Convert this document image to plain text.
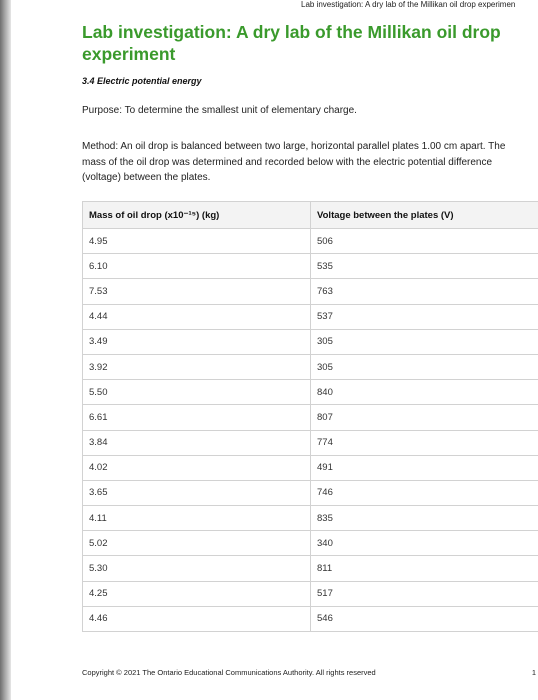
Lab investigation: A dry lab of the Millikan oil drop experimen
Lab investigation: A dry lab of the Millikan oil drop experiment
3.4 Electric potential energy
Purpose: To determine the smallest unit of elementary charge.
Method: An oil drop is balanced between two large, horizontal parallel plates 1.00 cm apart. The mass of the oil drop was determined and recorded below with the electric potential difference (voltage) between the plates.
Mass of oil drop (x10⁻¹⁵) (kg)	Voltage between the plates (V)
4.95	506
6.10	535
7.53	763
4.44	537
3.49	305
3.92	305
5.50	840
6.61	807
3.84	774
4.02	491
3.65	746
4.11	835
5.02	340
5.30	811
4.25	517
4.46	546
Copyright © 2021 The Ontario Educational Communications Authority. All rights reserved	1
